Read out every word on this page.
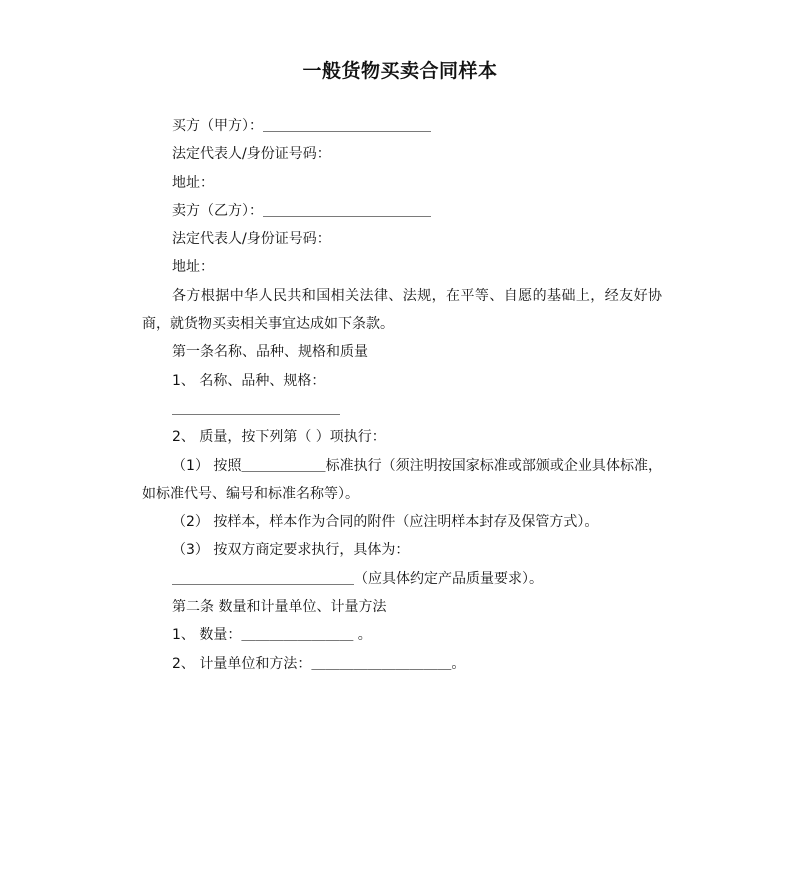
一般货物买卖合同样本
买方（甲方）：＿＿＿＿＿＿＿＿＿＿＿＿
法定代表人/身份证号码：
地址：
卖方（乙方）：＿＿＿＿＿＿＿＿＿＿＿＿
法定代表人/身份证号码：
地址：
各方根据中华人民共和国相关法律、法规，在平等、自愿的基础上，经友好协商，就货物买卖相关事宜达成如下条款。
第一条名称、品种、规格和质量
1、 名称、品种、规格：
＿＿＿＿＿＿＿＿＿＿＿＿
2、 质量，按下列第（ ）项执行：
（1） 按照＿＿＿＿＿＿标准执行（须注明按国家标准或部颁或企业具体标准，如标准代号、编号和标准名称等）。
（2） 按样本，样本作为合同的附件（应注明样本封存及保管方式）。
（3） 按双方商定要求执行，具体为：
＿＿＿＿＿＿＿＿＿＿＿＿＿（应具体约定产品质量要求）。
第二条 数量和计量单位、计量方法
1、 数量：＿＿＿＿＿＿＿＿ 。
2、 计量单位和方法：＿＿＿＿＿＿＿＿＿＿。
